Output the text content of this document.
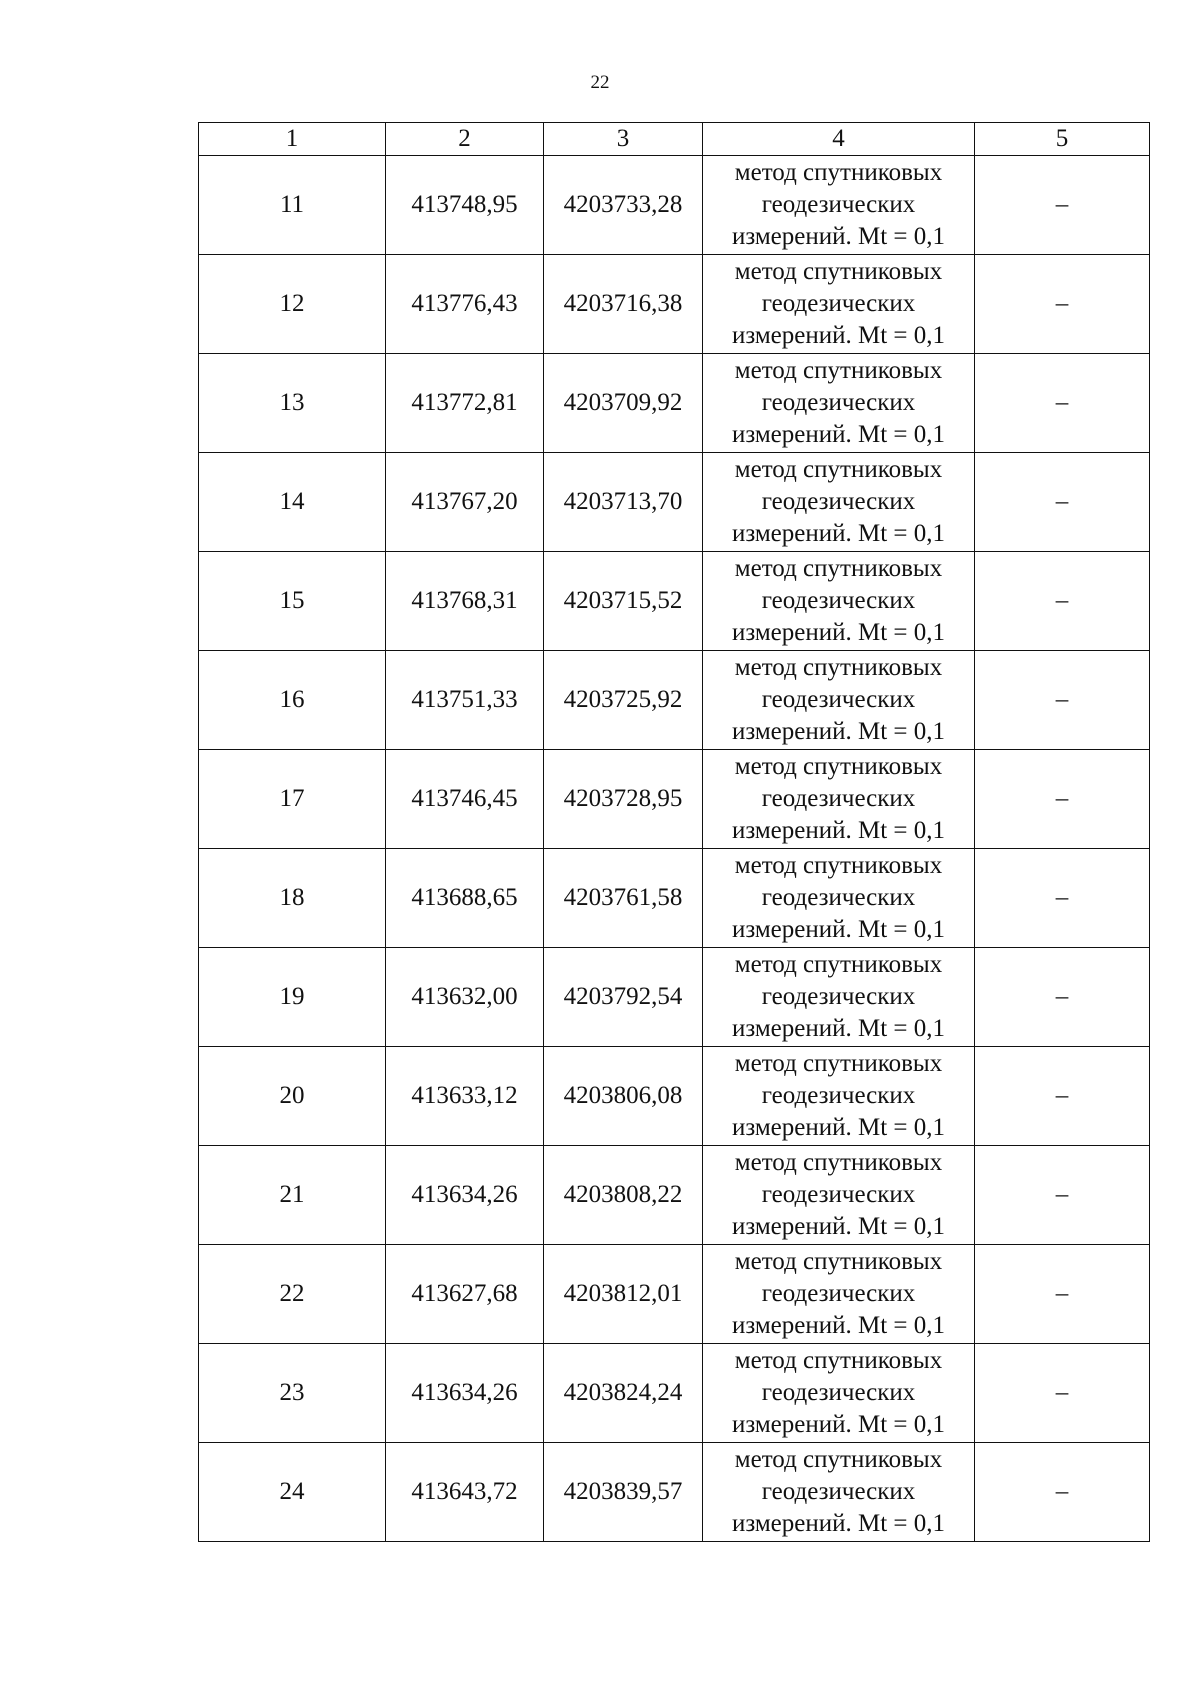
22
1	2	3	4	5
11	413748,95	4203733,28	метод спутниковых
геодезических
измерений. Mt = 0,1	–
12	413776,43	4203716,38	метод спутниковых
геодезических
измерений. Mt = 0,1	–
13	413772,81	4203709,92	метод спутниковых
геодезических
измерений. Mt = 0,1	–
14	413767,20	4203713,70	метод спутниковых
геодезических
измерений. Mt = 0,1	–
15	413768,31	4203715,52	метод спутниковых
геодезических
измерений. Mt = 0,1	–
16	413751,33	4203725,92	метод спутниковых
геодезических
измерений. Mt = 0,1	–
17	413746,45	4203728,95	метод спутниковых
геодезических
измерений. Mt = 0,1	–
18	413688,65	4203761,58	метод спутниковых
геодезических
измерений. Mt = 0,1	–
19	413632,00	4203792,54	метод спутниковых
геодезических
измерений. Mt = 0,1	–
20	413633,12	4203806,08	метод спутниковых
геодезических
измерений. Mt = 0,1	–
21	413634,26	4203808,22	метод спутниковых
геодезических
измерений. Mt = 0,1	–
22	413627,68	4203812,01	метод спутниковых
геодезических
измерений. Mt = 0,1	–
23	413634,26	4203824,24	метод спутниковых
геодезических
измерений. Mt = 0,1	–
24	413643,72	4203839,57	метод спутниковых
геодезических
измерений. Mt = 0,1	–
